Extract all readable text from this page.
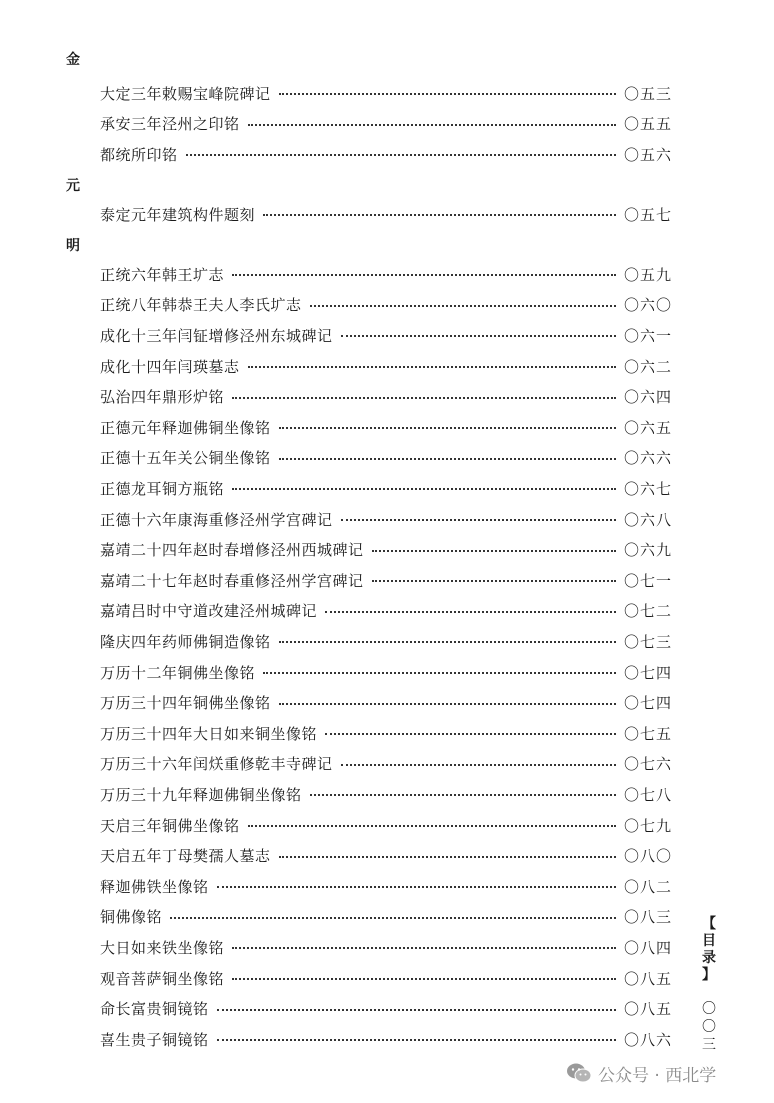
金
大定三年敕赐宝峰院碑记	〇五三
承安三年泾州之印铭	〇五五
都统所印铭	〇五六
元
泰定元年建筑构件题刻	〇五七
明
正统六年韩王圹志	〇五九
正统八年韩恭王夫人李氏圹志	〇六〇
成化十三年闫钲增修泾州东城碑记	〇六一
成化十四年闫瑛墓志	〇六二
弘治四年鼎形炉铭	〇六四
正德元年释迦佛铜坐像铭	〇六五
正德十五年关公铜坐像铭	〇六六
正德龙耳铜方瓶铭	〇六七
正德十六年康海重修泾州学宫碑记	〇六八
嘉靖二十四年赵时春增修泾州西城碑记	〇六九
嘉靖二十七年赵时春重修泾州学宫碑记	〇七一
嘉靖吕时中守道改建泾州城碑记	〇七二
隆庆四年药师佛铜造像铭	〇七三
万历十二年铜佛坐像铭	〇七四
万历三十四年铜佛坐像铭	〇七四
万历三十四年大日如来铜坐像铭	〇七五
万历三十六年闰烪重修乾丰寺碑记	〇七六
万历三十九年释迦佛铜坐像铭	〇七八
天启三年铜佛坐像铭	〇七九
天启五年丁母樊孺人墓志	〇八〇
释迦佛铁坐像铭	〇八二
铜佛像铭	〇八三
大日如来铁坐像铭	〇八四
观音菩萨铜坐像铭	〇八五
命长富贵铜镜铭	〇八五
喜生贵子铜镜铭	〇八六
【
目
录
】
〇
〇
三
公众号 · 西北学
